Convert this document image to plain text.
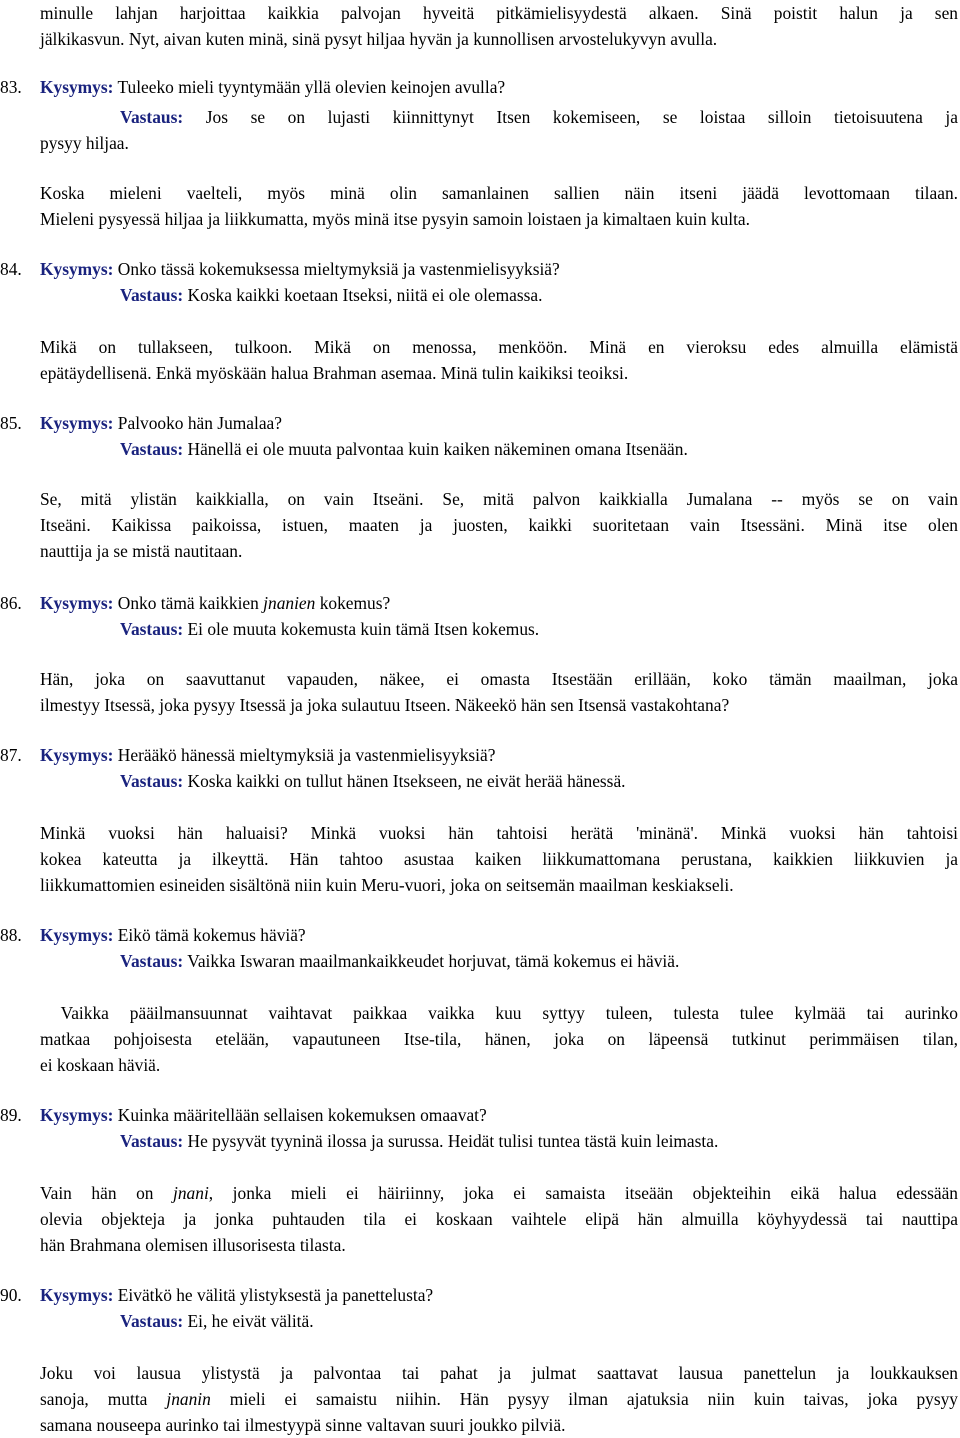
minulle lahjan harjoittaa kaikkia palvojan hyveitä pitkämielisyydestä alkaen. Sinä poistit halun ja sen

jälkikasvun. Nyt, aivan kuten minä, sinä pysyt hiljaa hyvän ja kunnollisen arvostelukyvyn avulla.

83. Kysymys: Tuleeko mieli tyyntymään yllä olevien keinojen avulla?
Vastaus: Jos se on lujasti kiinnittynyt Itsen kokemiseen, se loistaa silloin tietoisuutena ja
pysyy hiljaa.
Koska mieleni vaelteli, myös minä olin samanlainen sallien näin itseni jäädä levottomaan tilaan.
Mieleni pysyessä hiljaa ja liikkumatta, myös minä itse pysyin samoin loistaen ja kimaltaen kuin kulta.
84. Kysymys: Onko tässä kokemuksessa mieltymyksiä ja vastenmielisyyksiä?
Vastaus: Koska kaikki koetaan Itseksi, niitä ei ole olemassa.
Mikä on tullakseen, tulkoon. Mikä on menossa, menköön. Minä en vieroksu edes almuilla elämistä
epätäydellisenä. Enkä myöskään halua Brahman asemaa. Minä tulin kaikiksi teoiksi.
85. Kysymys: Palvooko hän Jumalaa?
Vastaus: Hänellä ei ole muuta palvontaa kuin kaiken näkeminen omana Itsenään.
Se, mitä ylistän kaikkialla, on vain Itseäni. Se, mitä palvon kaikkialla Jumalana -- myös se on vain
Itseäni. Kaikissa paikoissa, istuen, maaten ja juosten, kaikki suoritetaan vain Itsessäni. Minä itse olen
nauttija ja se mistä nautitaan.
86. Kysymys: Onko tämä kaikkien jnanien kokemus?
Vastaus: Ei ole muuta kokemusta kuin tämä Itsen kokemus.
Hän, joka on saavuttanut vapauden, näkee, ei omasta Itsestään erillään, koko tämän maailman, joka
ilmestyy Itsessä, joka pysyy Itsessä ja joka sulautuu Itseen. Näkeekö hän sen Itsensä vastakohtana?
87. Kysymys: Herääkö hänessä mieltymyksiä ja vastenmielisyyksiä?
Vastaus: Koska kaikki on tullut hänen Itsekseen, ne eivät herää hänessä.
Minkä vuoksi hän haluaisi? Minkä vuoksi hän tahtoisi herätä 'minänä'. Minkä vuoksi hän tahtoisi
kokea kateutta ja ilkeyttä. Hän tahtoo asustaa kaiken liikkumattomana perustana, kaikkien liikkuvien ja
liikkumattomien esineiden sisältönä niin kuin Meru-vuori, joka on seitsemän maailman keskiakseli.
88. Kysymys: Eikö tämä kokemus häviä?
Vastaus: Vaikka Iswaran maailmankaikkeudet horjuvat, tämä kokemus ei häviä.
Vaikka pääilmansuunnat vaihtavat paikkaa vaikka kuu syttyy tuleen, tulesta tulee kylmää tai aurinko
matkaa pohjoisesta etelään, vapautuneen Itse-tila, hänen, joka on läpeensä tutkinut perimmäisen tilan,
ei koskaan häviä.
89. Kysymys: Kuinka määritellään sellaisen kokemuksen omaavat?
Vastaus: He pysyvät tyyninä ilossa ja surussa. Heidät tulisi tuntea tästä kuin leimasta.
Vain hän on jnani, jonka mieli ei häiriinny, joka ei samaista itseään objekteihin eikä halua edessään
olevia objekteja ja jonka puhtauden tila ei koskaan vaihtele elipä hän almuilla köyhyydessä tai nauttipa
hän Brahmana olemisen illusorisesta tilasta.
90. Kysymys: Eivätkö he välitä ylistyksestä ja panettelusta?
Vastaus: Ei, he eivät välitä.
Joku voi lausua ylistystä ja palvontaa tai pahat ja julmat saattavat lausua panettelun ja loukkauksen
sanoja, mutta jnanin mieli ei samaistu niihin. Hän pysyy ilman ajatuksia niin kuin taivas, joka pysyy
samana nouseepa aurinko tai ilmestyypä sinne valtavan suuri joukko pilviä.
